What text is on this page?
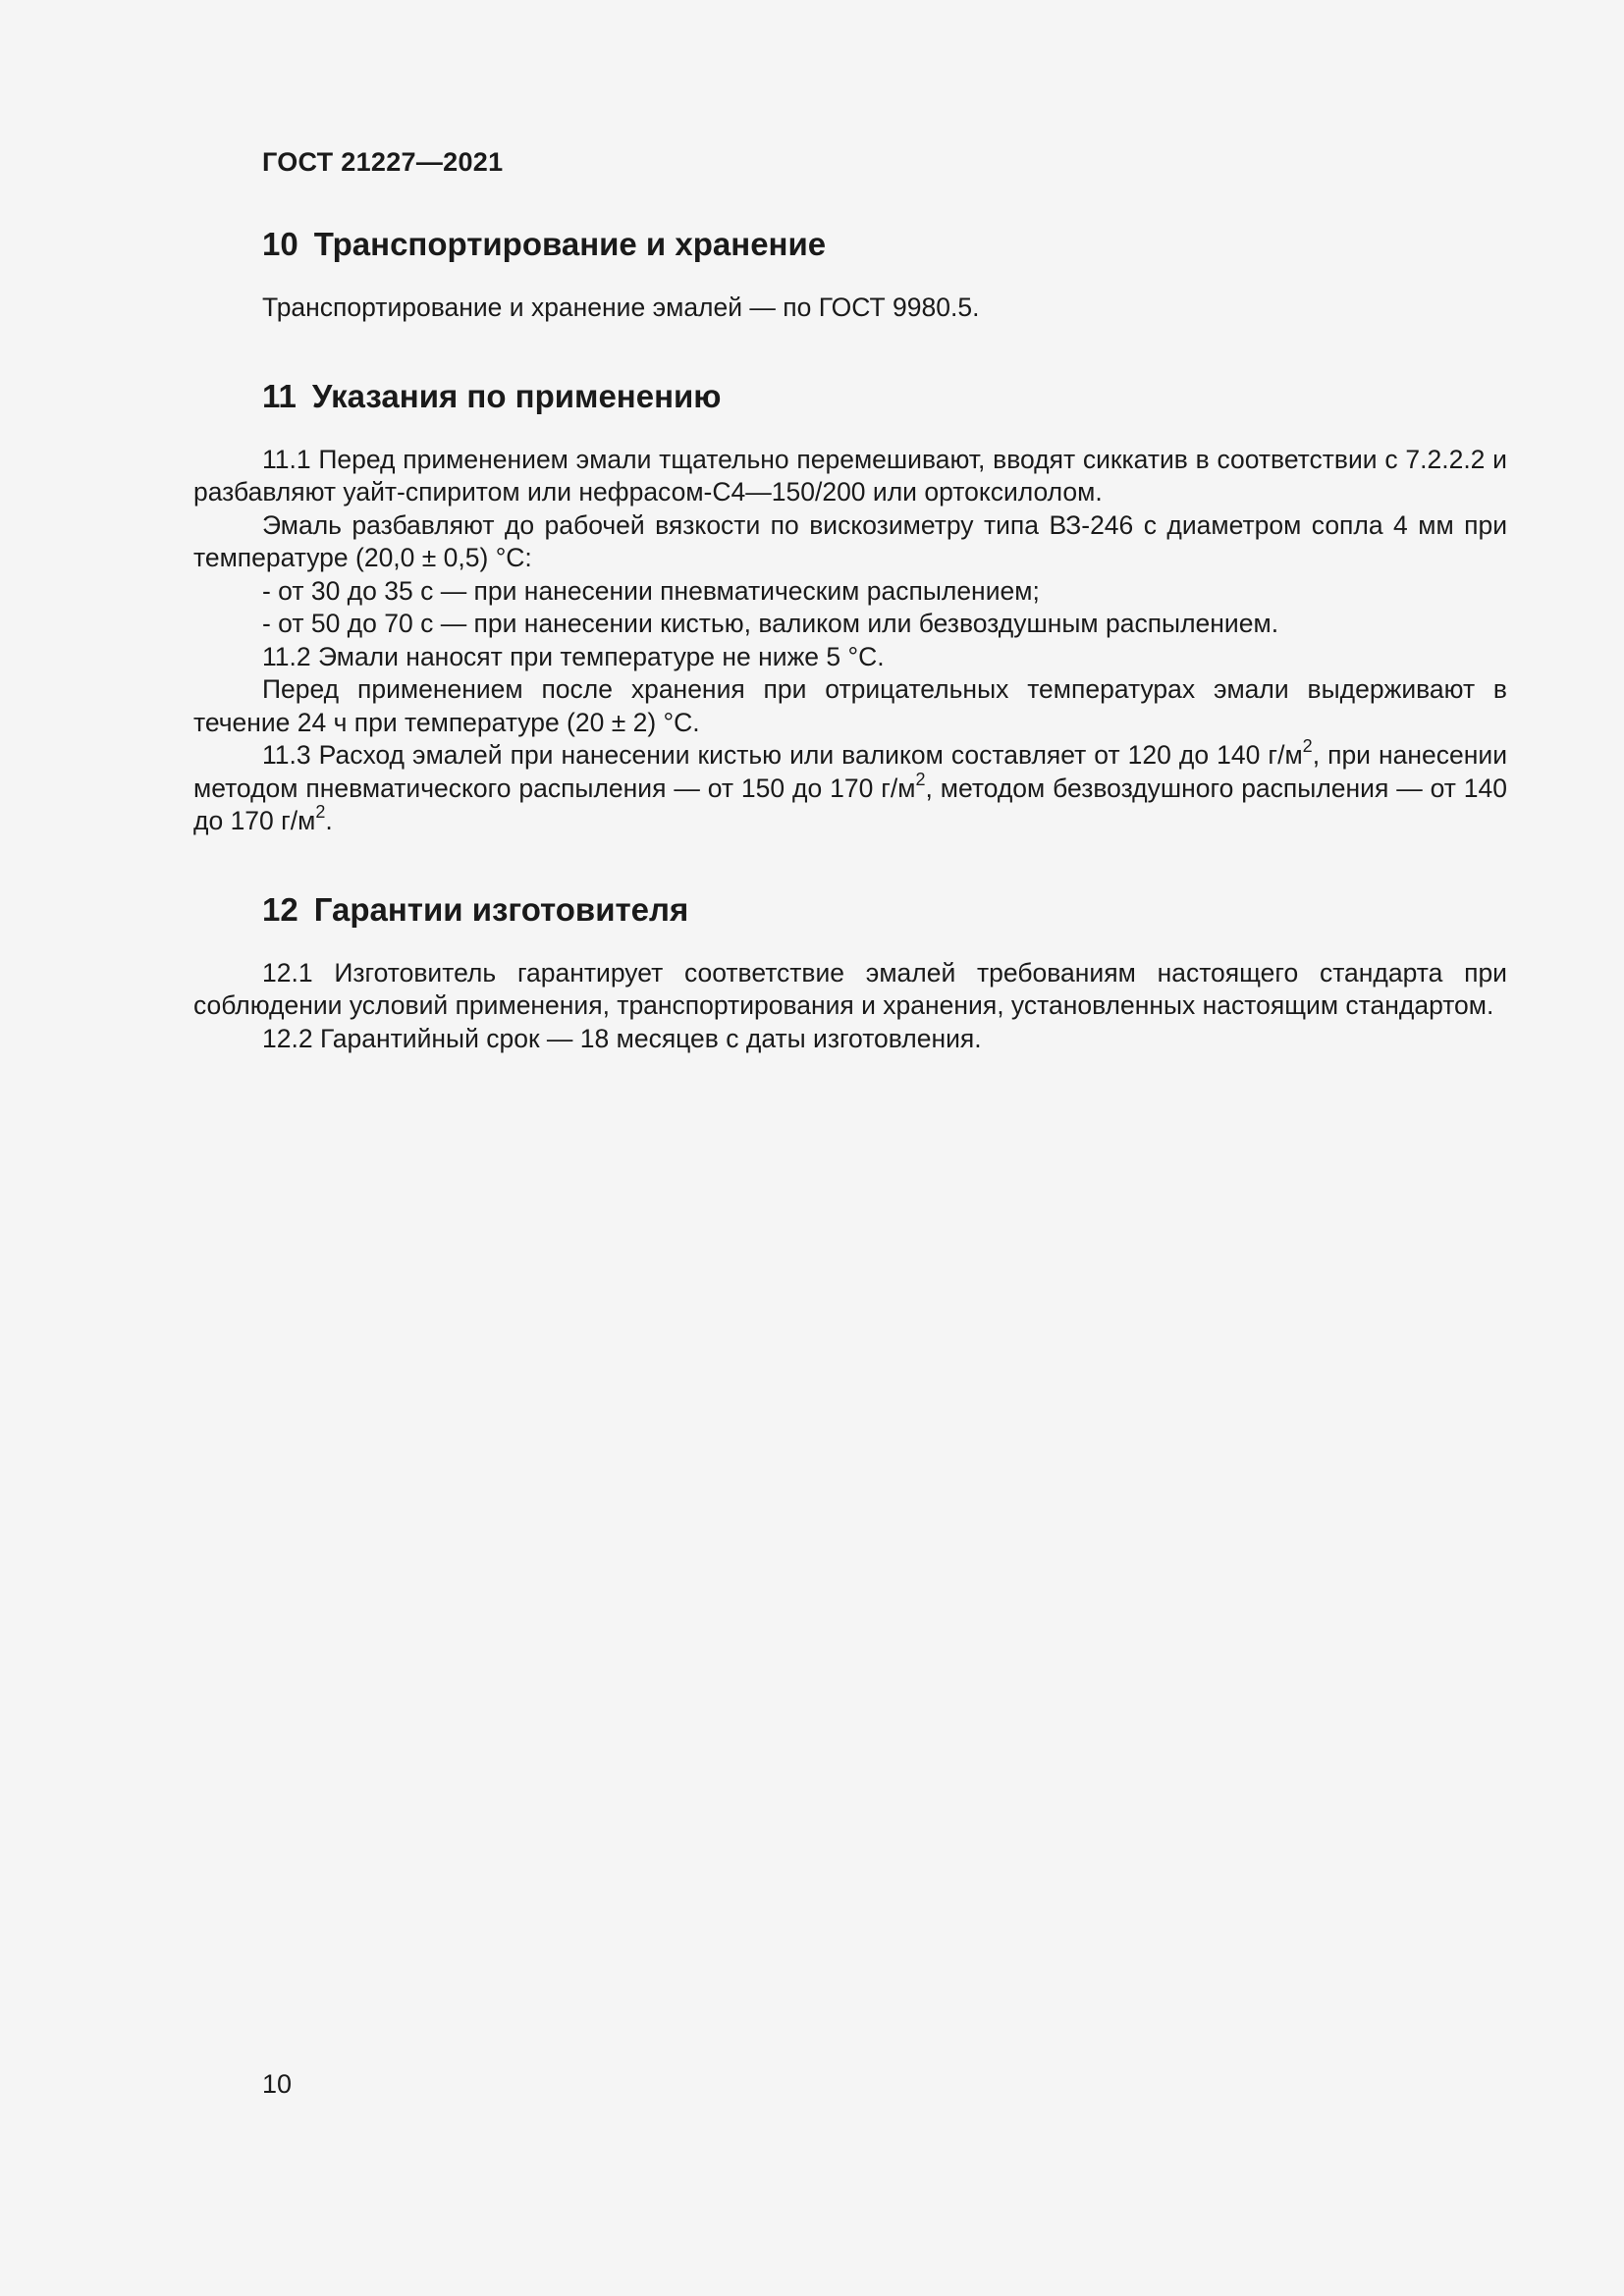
ГОСТ 21227—2021

10 Транспортирование и хранение

Транспортирование и хранение эмалей — по ГОСТ 9980.5.

11 Указания по применению

11.1 Перед применением эмали тщательно перемешивают, вводят сиккатив в соответствии с 7.2.2.2 и разбавляют уайт-спиритом или нефрасом-С4—150/200 или ортоксилолом.

Эмаль разбавляют до рабочей вязкости по вискозиметру типа ВЗ-246 с диаметром сопла 4 мм при температуре (20,0 ± 0,5) °С:

- от 30 до 35 с — при нанесении пневматическим распылением;

- от 50 до 70 с — при нанесении кистью, валиком или безвоздушным распылением.

11.2 Эмали наносят при температуре не ниже 5 °С.

Перед применением после хранения при отрицательных температурах эмали выдерживают в течение 24 ч при температуре (20 ± 2) °С.

11.3 Расход эмалей при нанесении кистью или валиком составляет от 120 до 140 $г/м^2$, при нанесении методом пневматического распыления — от 150 до 170 $г/м^2$, методом безвоздушного распыления — от 140 до 170 $г/м^2$.

12 Гарантии изготовителя

12.1 Изготовитель гарантирует соответствие эмалей требованиям настоящего стандарта при соблюдении условий применения, транспортирования и хранения, установленных настоящим стандартом.

12.2 Гарантийный срок — 18 месяцев с даты изготовления.

10
